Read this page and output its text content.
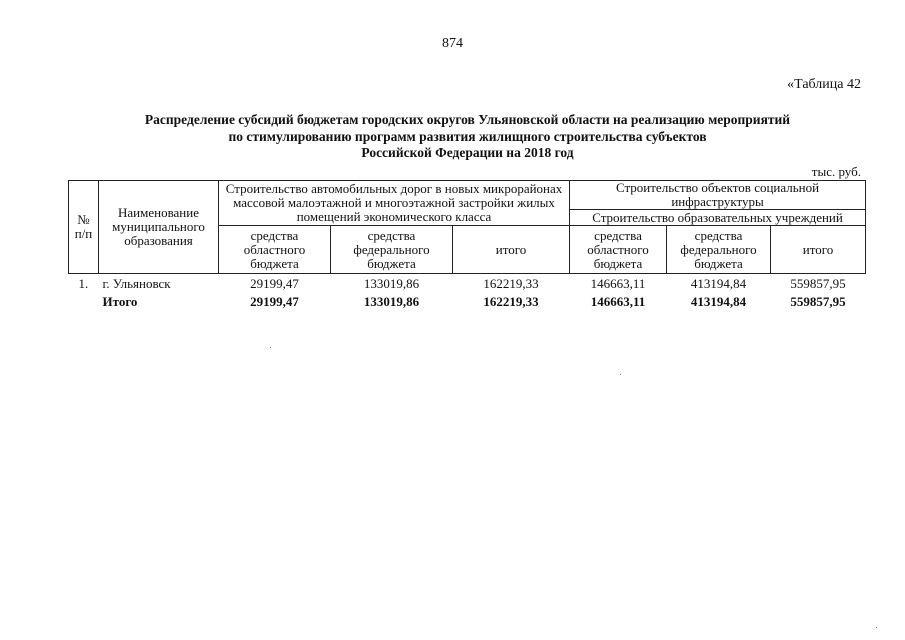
874
«Таблица 42
Распределение субсидий бюджетам городских округов Ульяновской области на реализацию мероприятий
по стимулированию программ развития жилищного строительства субъектов
Российской Федерации на 2018 год
тыс. руб.
№ п/п	Наименование муниципального образования	Строительство автомобильных дорог в новых микрорайонах массовой малоэтажной и многоэтажной застройки жилых помещений экономического класса			Строительство объектов социальной инфраструктуры		
					Строительство образовательных учреждений		
		средства областного бюджета	средства федерального бюджета	итого	средства областного бюджета	средства федерального бюджета	итого
1.	г. Ульяновск	29199,47	133019,86	162219,33	146663,11	413194,84	559857,95
	Итого	29199,47	133019,86	162219,33	146663,11	413194,84	559857,95
